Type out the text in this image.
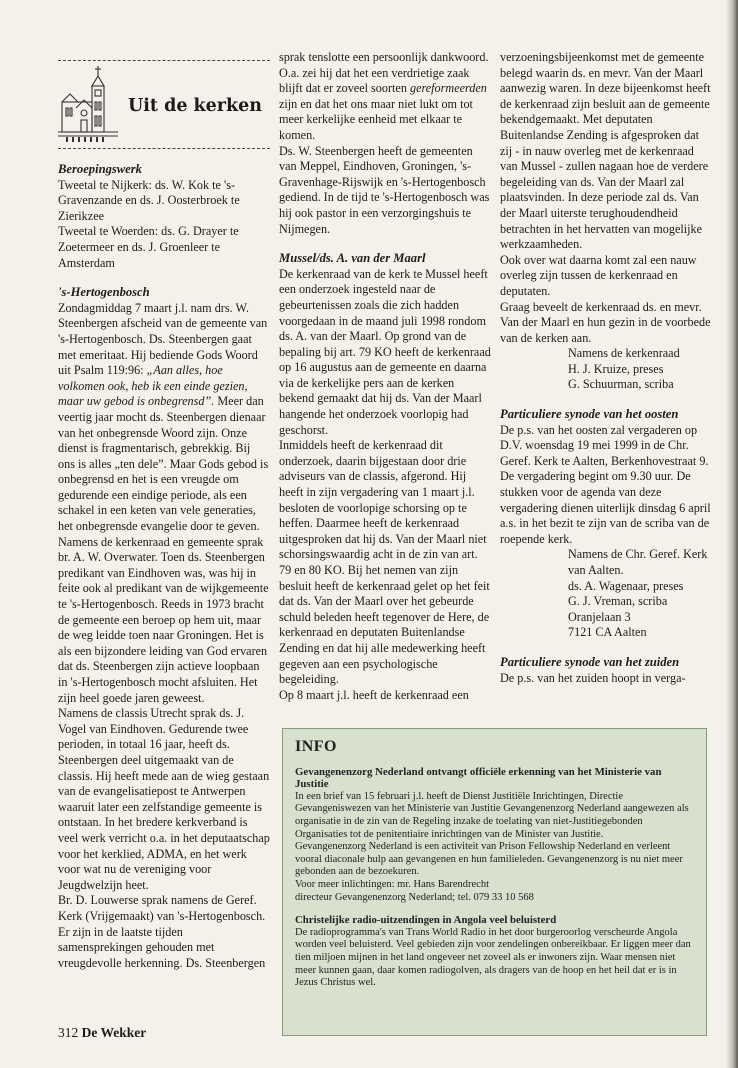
Uit de kerken
Beroepingswerk

Tweetal te Nijkerk: ds. W. Kok te 's-Gravenzande en ds. J. Oosterbroek te Zierikzee

Tweetal te Woerden: ds. G. Drayer te Zoetermeer en ds. J. Groenleer te Amsterdam

's-Hertogenbosch

Zondagmiddag 7 maart j.l. nam drs. W. Steenbergen afscheid van de gemeente van 's-Hertogenbosch. Ds. Steenbergen gaat met emeritaat. Hij bediende Gods Woord uit Psalm 119:96: „Aan alles, hoe volkomen ook, heb ik een einde gezien, maar uw gebod is onbegrensd”. Meer dan veertig jaar mocht ds. Steenbergen dienaar van het onbegrensde Woord zijn. Onze dienst is fragmentarisch, gebrekkig. Bij ons is alles „ten dele”. Maar Gods gebod is onbegrensd en het is een vreugde om gedurende een eindige periode, als een schakel in een keten van vele generaties, het onbegrensde evangelie door te geven.

Namens de kerkenraad en gemeente sprak br. A. W. Overwater. Toen ds. Steenbergen predikant van Eindhoven was, was hij in feite ook al predikant van de wijkgemeente te 's-Hertogenbosch. Reeds in 1973 bracht de gemeente een beroep op hem uit, maar de weg leidde toen naar Groningen. Het is als een bijzondere leiding van God ervaren dat ds. Steenbergen zijn actieve loopbaan in 's-Hertogenbosch mocht afsluiten. Het zijn heel goede jaren geweest.

Namens de classis Utrecht sprak ds. J. Vogel van Eindhoven. Gedurende twee perioden, in totaal 16 jaar, heeft ds. Steenbergen deel uitgemaakt van de classis. Hij heeft mede aan de wieg gestaan van de evangelisatiepost te Antwerpen waaruit later een zelfstandige gemeente is ontstaan. In het bredere kerkverband is veel werk verricht o.a. in het deputaatschap voor het kerklied, ADMA, en het werk voor wat nu de vereniging voor Jeugdwelzijn heet.

Br. D. Louwerse sprak namens de Geref. Kerk (Vrijgemaakt) van 's-Hertogenbosch. Er zijn in de laatste tijden samensprekingen gehouden met vreugdevolle herkenning. Ds. Steenbergen

sprak tenslotte een persoonlijk dankwoord. O.a. zei hij dat het een verdrietige zaak blijft dat er zoveel soorten gereformeerden zijn en dat het ons maar niet lukt om tot meer kerkelijke eenheid met elkaar te komen.

Ds. W. Steenbergen heeft de gemeenten van Meppel, Eindhoven, Groningen, 's-Gravenhage-Rijswijk en 's-Hertogenbosch gediend. In de tijd te 's-Hertogenbosch was hij ook pastor in een verzorgingshuis te Nijmegen.

Mussel/ds. A. van der Maarl

De kerkenraad van de kerk te Mussel heeft een onderzoek ingesteld naar de gebeurtenissen zoals die zich hadden voorgedaan in de maand juli 1998 rondom ds. A. van der Maarl. Op grond van de bepaling bij art. 79 KO heeft de kerkenraad op 16 augustus aan de gemeente en daarna via de kerkelijke pers aan de kerken bekend gemaakt dat hij ds. Van der Maarl hangende het onderzoek voorlopig had geschorst.

Inmiddels heeft de kerkenraad dit onderzoek, daarin bijgestaan door drie adviseurs van de classis, afgerond. Hij heeft in zijn vergadering van 1 maart j.l. besloten de voorlopige schorsing op te heffen. Daarmee heeft de kerkenraad uitgesproken dat hij ds. Van der Maarl niet schorsingswaardig acht in de zin van art. 79 en 80 KO. Bij het nemen van zijn besluit heeft de kerkenraad gelet op het feit dat ds. Van der Maarl over het gebeurde schuld beleden heeft tegenover de Here, de kerkenraad en deputaten Buitenlandse Zending en dat hij alle medewerking heeft gegeven aan een psychologische begeleiding.

Op 8 maart j.l. heeft de kerkenraad een

verzoeningsbijeenkomst met de gemeente belegd waarin ds. en mevr. Van der Maarl aanwezig waren. In deze bijeenkomst heeft de kerkenraad zijn besluit aan de gemeente bekendgemaakt. Met deputaten Buitenlandse Zending is afgesproken dat zij - in nauw overleg met de kerkenraad van Mussel - zullen nagaan hoe de verdere begeleiding van ds. Van der Maarl zal plaatsvinden. In deze periode zal ds. Van der Maarl uiterste terughoudendheid betrachten in het hervatten van mogelijke werkzaamheden.

Ook over wat daarna komt zal een nauw overleg zijn tussen de kerkenraad en deputaten.

Graag beveelt de kerkenraad ds. en mevr. Van der Maarl en hun gezin in de voorbede van de kerken aan.

Namens de kerkenraad
H. J. Kruize, preses
G. Schuurman, scriba
Particuliere synode van het oosten

De p.s. van het oosten zal vergaderen op D.V. woensdag 19 mei 1999 in de Chr. Geref. Kerk te Aalten, Berkenhovestraat 9. De vergadering begint om 9.30 uur. De stukken voor de agenda van deze vergadering dienen uiterlijk dinsdag 6 april a.s. in het bezit te zijn van de scriba van de roepende kerk.

Namens de Chr. Geref. Kerk
van Aalten.
ds. A. Wagenaar, preses
G. J. Vreman, scriba
Oranjelaan 3
7121 CA Aalten
Particuliere synode van het zuiden

De p.s. van het zuiden hoopt in verga-

INFO
Gevangenenzorg Nederland ontvangt officiële erkenning van het Ministerie van Justitie

In een brief van 15 februari j.l. heeft de Dienst Justitiële Inrichtingen, Directie Gevangeniswezen van het Ministerie van Justitie Gevangenenzorg Nederland aangewezen als organisatie in de zin van de Regeling inzake de toelating van niet-Justitiegebonden Organisaties tot de penitentiaire inrichtingen van de Minister van Justitie.

Gevangenenzorg Nederland is een activiteit van Prison Fellowship Nederland en verleent vooral diaconale hulp aan gevangenen en hun familieleden. Gevangenenzorg is nu niet meer gebonden aan de bezoekuren.

Voor meer inlichtingen: mr. Hans Barendrecht

directeur Gevangenenzorg Nederland; tel. 079 33 10 568

Christelijke radio-uitzendingen in Angola veel beluisterd

De radioprogramma's van Trans World Radio in het door burgeroorlog verscheurde Angola worden veel beluisterd. Veel gebieden zijn voor zendelingen onbereikbaar. Er liggen meer dan tien miljoen mijnen in het land ongeveer net zoveel als er inwoners zijn. Waar mensen niet meer kunnen gaan, daar komen radiogolven, als dragers van de hoop en het heil dat er is in Jezus Christus wel.

312 De Wekker
